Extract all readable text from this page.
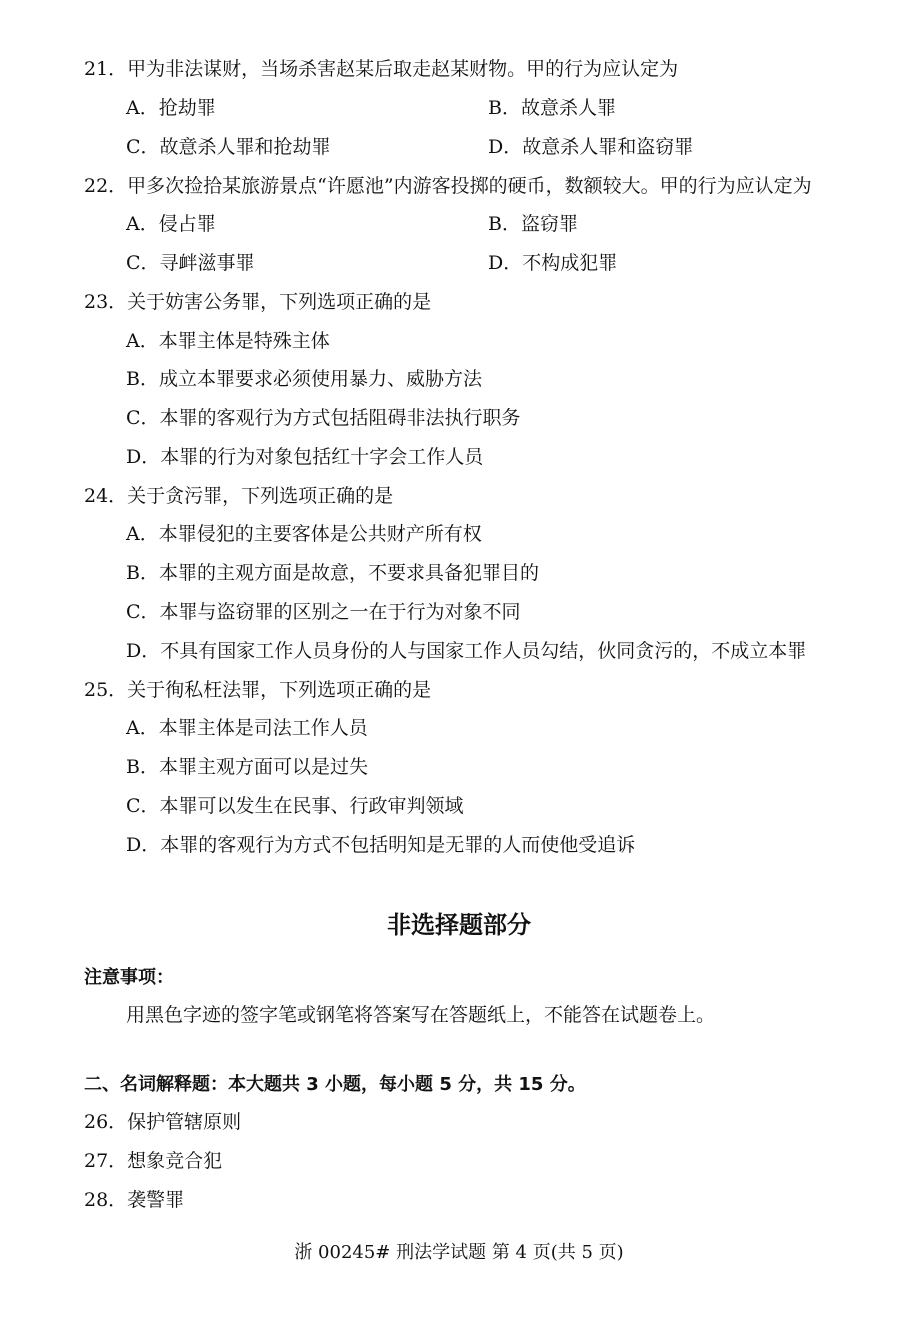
21．甲为非法谋财，当场杀害赵某后取走赵某财物。甲的行为应认定为
A．抢劫罪	B．故意杀人罪
C．故意杀人罪和抢劫罪	D．故意杀人罪和盗窃罪
22．甲多次捡拾某旅游景点“许愿池”内游客投掷的硬币，数额较大。甲的行为应认定为
A．侵占罪	B．盗窃罪
C．寻衅滋事罪	D．不构成犯罪
23．关于妨害公务罪，下列选项正确的是
A．本罪主体是特殊主体
B．成立本罪要求必须使用暴力、威胁方法
C．本罪的客观行为方式包括阻碍非法执行职务
D．本罪的行为对象包括红十字会工作人员
24．关于贪污罪，下列选项正确的是
A．本罪侵犯的主要客体是公共财产所有权
B．本罪的主观方面是故意，不要求具备犯罪目的
C．本罪与盗窃罪的区别之一在于行为对象不同
D．不具有国家工作人员身份的人与国家工作人员勾结，伙同贪污的，不成立本罪
25．关于徇私枉法罪，下列选项正确的是
A．本罪主体是司法工作人员
B．本罪主观方面可以是过失
C．本罪可以发生在民事、行政审判领域
D．本罪的客观行为方式不包括明知是无罪的人而使他受追诉
非选择题部分
注意事项：
用黑色字迹的签字笔或钢笔将答案写在答题纸上，不能答在试题卷上。
二、名词解释题：本大题共 3 小题，每小题 5 分，共 15 分。
26．保护管辖原则
27．想象竞合犯
28．袭警罪
浙 00245# 刑法学试题 第 4 页(共 5 页)
